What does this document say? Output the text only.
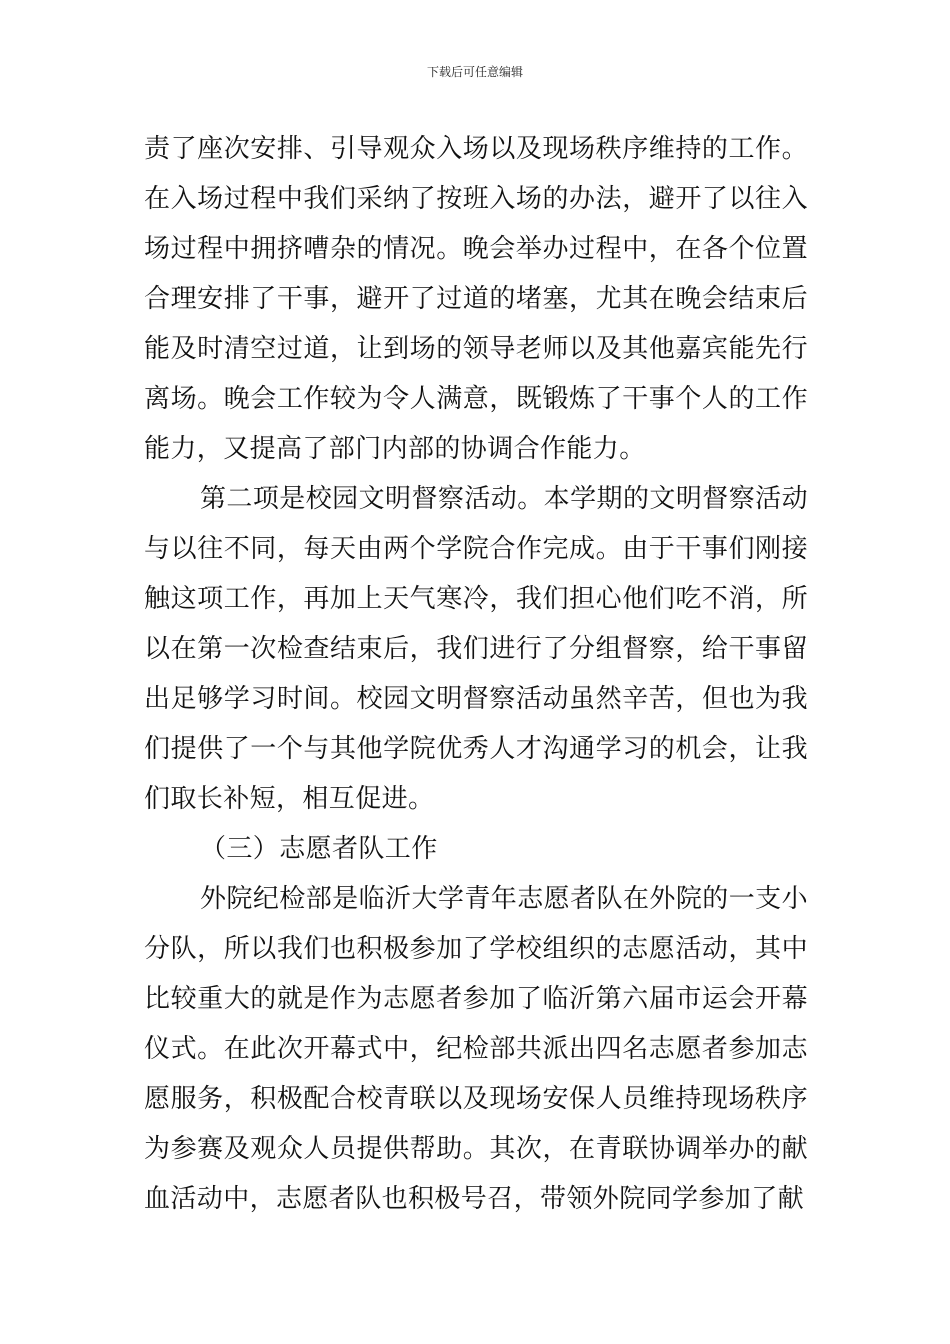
下载后可任意编辑

责了座次安排、引导观众入场以及现场秩序维持的工作。在入场过程中我们采纳了按班入场的办法，避开了以往入场过程中拥挤嘈杂的情况。晚会举办过程中，在各个位置合理安排了干事，避开了过道的堵塞，尤其在晚会结束后能及时清空过道，让到场的领导老师以及其他嘉宾能先行离场。晚会工作较为令人满意，既锻炼了干事个人的工作能力，又提高了部门内部的协调合作能力。

第二项是校园文明督察活动。本学期的文明督察活动与以往不同，每天由两个学院合作完成。由于干事们刚接触这项工作，再加上天气寒冷，我们担心他们吃不消，所以在第一次检查结束后，我们进行了分组督察，给干事留出足够学习时间。校园文明督察活动虽然辛苦，但也为我们提供了一个与其他学院优秀人才沟通学习的机会，让我们取长补短，相互促进。

（三）志愿者队工作

外院纪检部是临沂大学青年志愿者队在外院的一支小分队，所以我们也积极参加了学校组织的志愿活动，其中比较重大的就是作为志愿者参加了临沂第六届市运会开幕仪式。在此次开幕式中，纪检部共派出四名志愿者参加志愿服务，积极配合校青联以及现场安保人员维持现场秩序为参赛及观众人员提供帮助。其次，在青联协调举办的献血活动中，志愿者队也积极号召，带领外院同学参加了献
